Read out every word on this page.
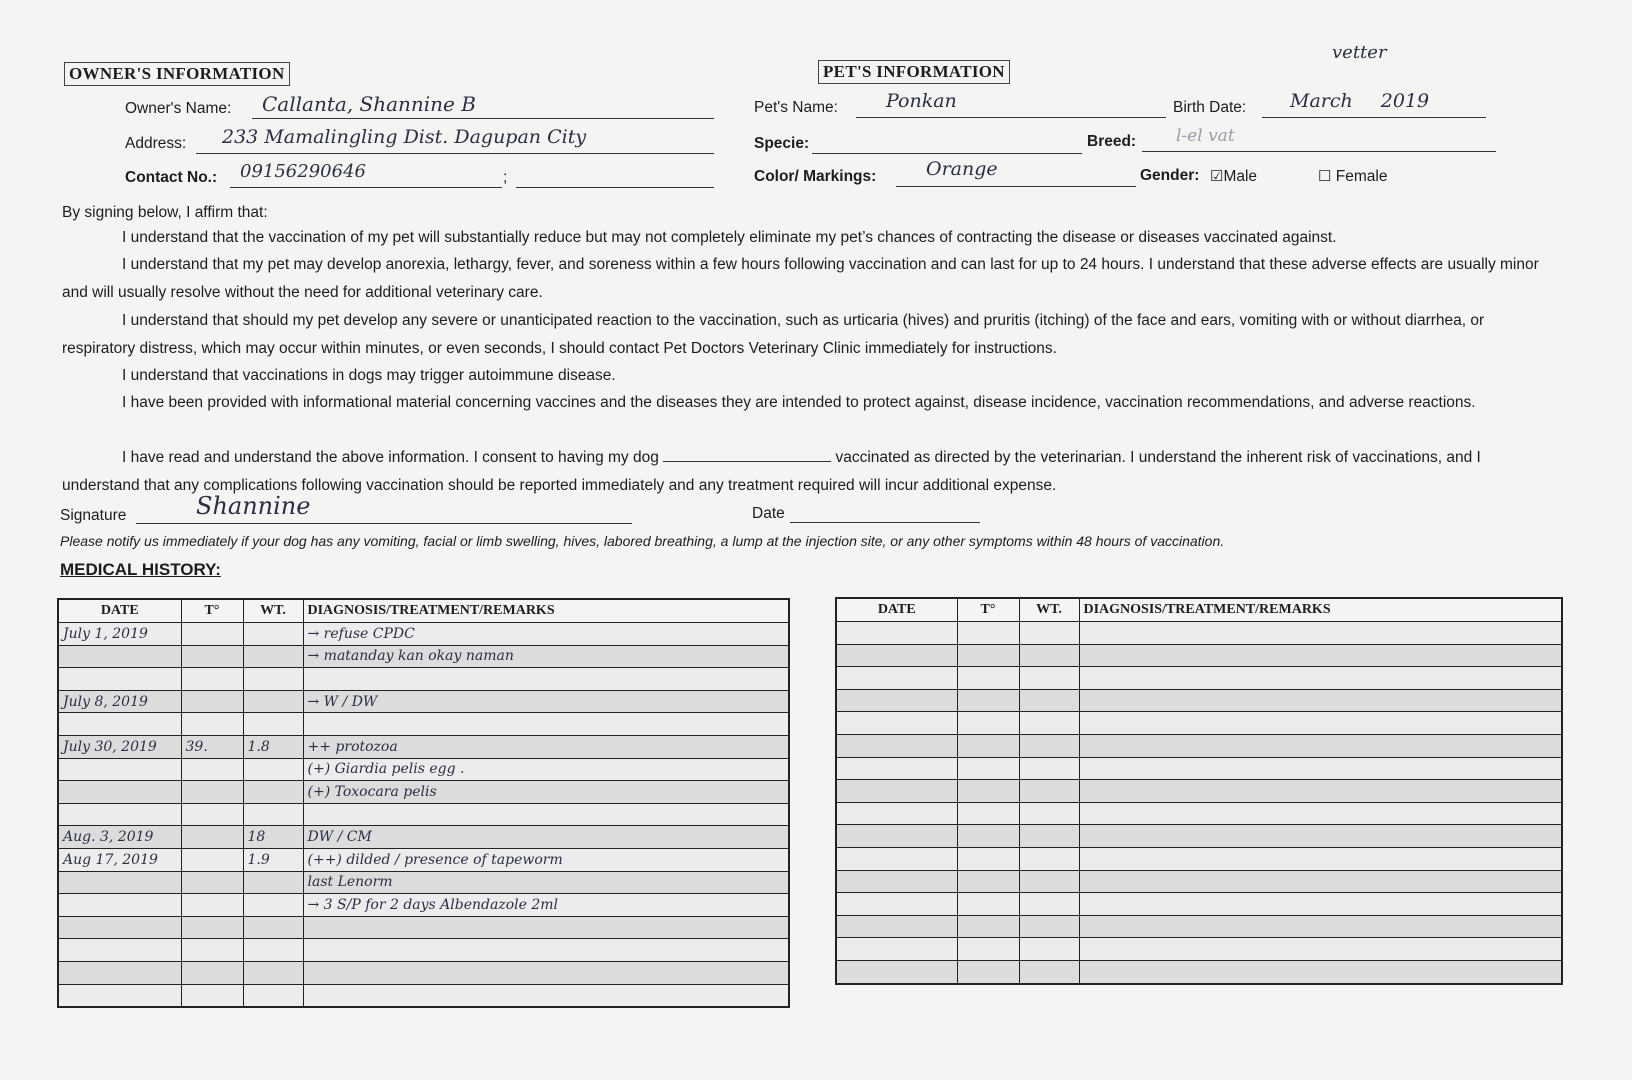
OWNER'S INFORMATION
Owner's Name: Callanta, Shannine B
Address: 233 Mamalingling Dist. Dagupan City
Contact No.: 09156290646	;
PET'S INFORMATION
vetter
Pet's Name:	Ponkan	Birth Date: March 2019
Specie:	Breed: l-el vat
Color/ Markings:	Orange	Gender: ☑Male	☐ Female
By signing below, I affirm that:
I understand that the vaccination of my pet will substantially reduce but may not completely eliminate my pet’s chances of contracting the disease or diseases vaccinated against.
I understand that my pet may develop anorexia, lethargy, fever, and soreness within a few hours following vaccination and can last for up to 24 hours. I understand that these adverse effects are usually minor and will usually resolve without the need for additional veterinary care.
I understand that should my pet develop any severe or unanticipated reaction to the vaccination, such as urticaria (hives) and pruritis (itching) of the face and ears, vomiting with or without diarrhea, or respiratory distress, which may occur within minutes, or even seconds, I should contact Pet Doctors Veterinary Clinic immediately for instructions.
I understand that vaccinations in dogs may trigger autoimmune disease.
I have been provided with informational material concerning vaccines and the diseases they are intended to protect against, disease incidence, vaccination recommendations, and adverse reactions.
I have read and understand the above information. I consent to having my dog	vaccinated as directed by the veterinarian. I understand the inherent risk of vaccinations, and I understand that any complications following vaccination should be reported immediately and any treatment required will incur additional expense.
Signature	Shannine	Date
Please notify us immediately if your dog has any vomiting, facial or limb swelling, hives, labored breathing, a lump at the injection site, or any other symptoms within 48 hours of vaccination.
MEDICAL HISTORY:
DATE	T°	WT.	DIAGNOSIS/TREATMENT/REMARKS
July 1, 2019			→ refuse CPDC
			→ matanday kan okay naman

July 8, 2019			→ W / DW

July 30, 2019	39.	1.8	++ protozoa
			(+) Giardia pelis egg .
			(+) Toxocara pelis

Aug. 3, 2019		18	DW / CM
Aug 17, 2019		1.9	(++) dilded / presence of tapeworm
			last Lenorm
			→ 3 S/P for 2 days Albendazole 2ml

DATE	T°	WT.	DIAGNOSIS/TREATMENT/REMARKS
